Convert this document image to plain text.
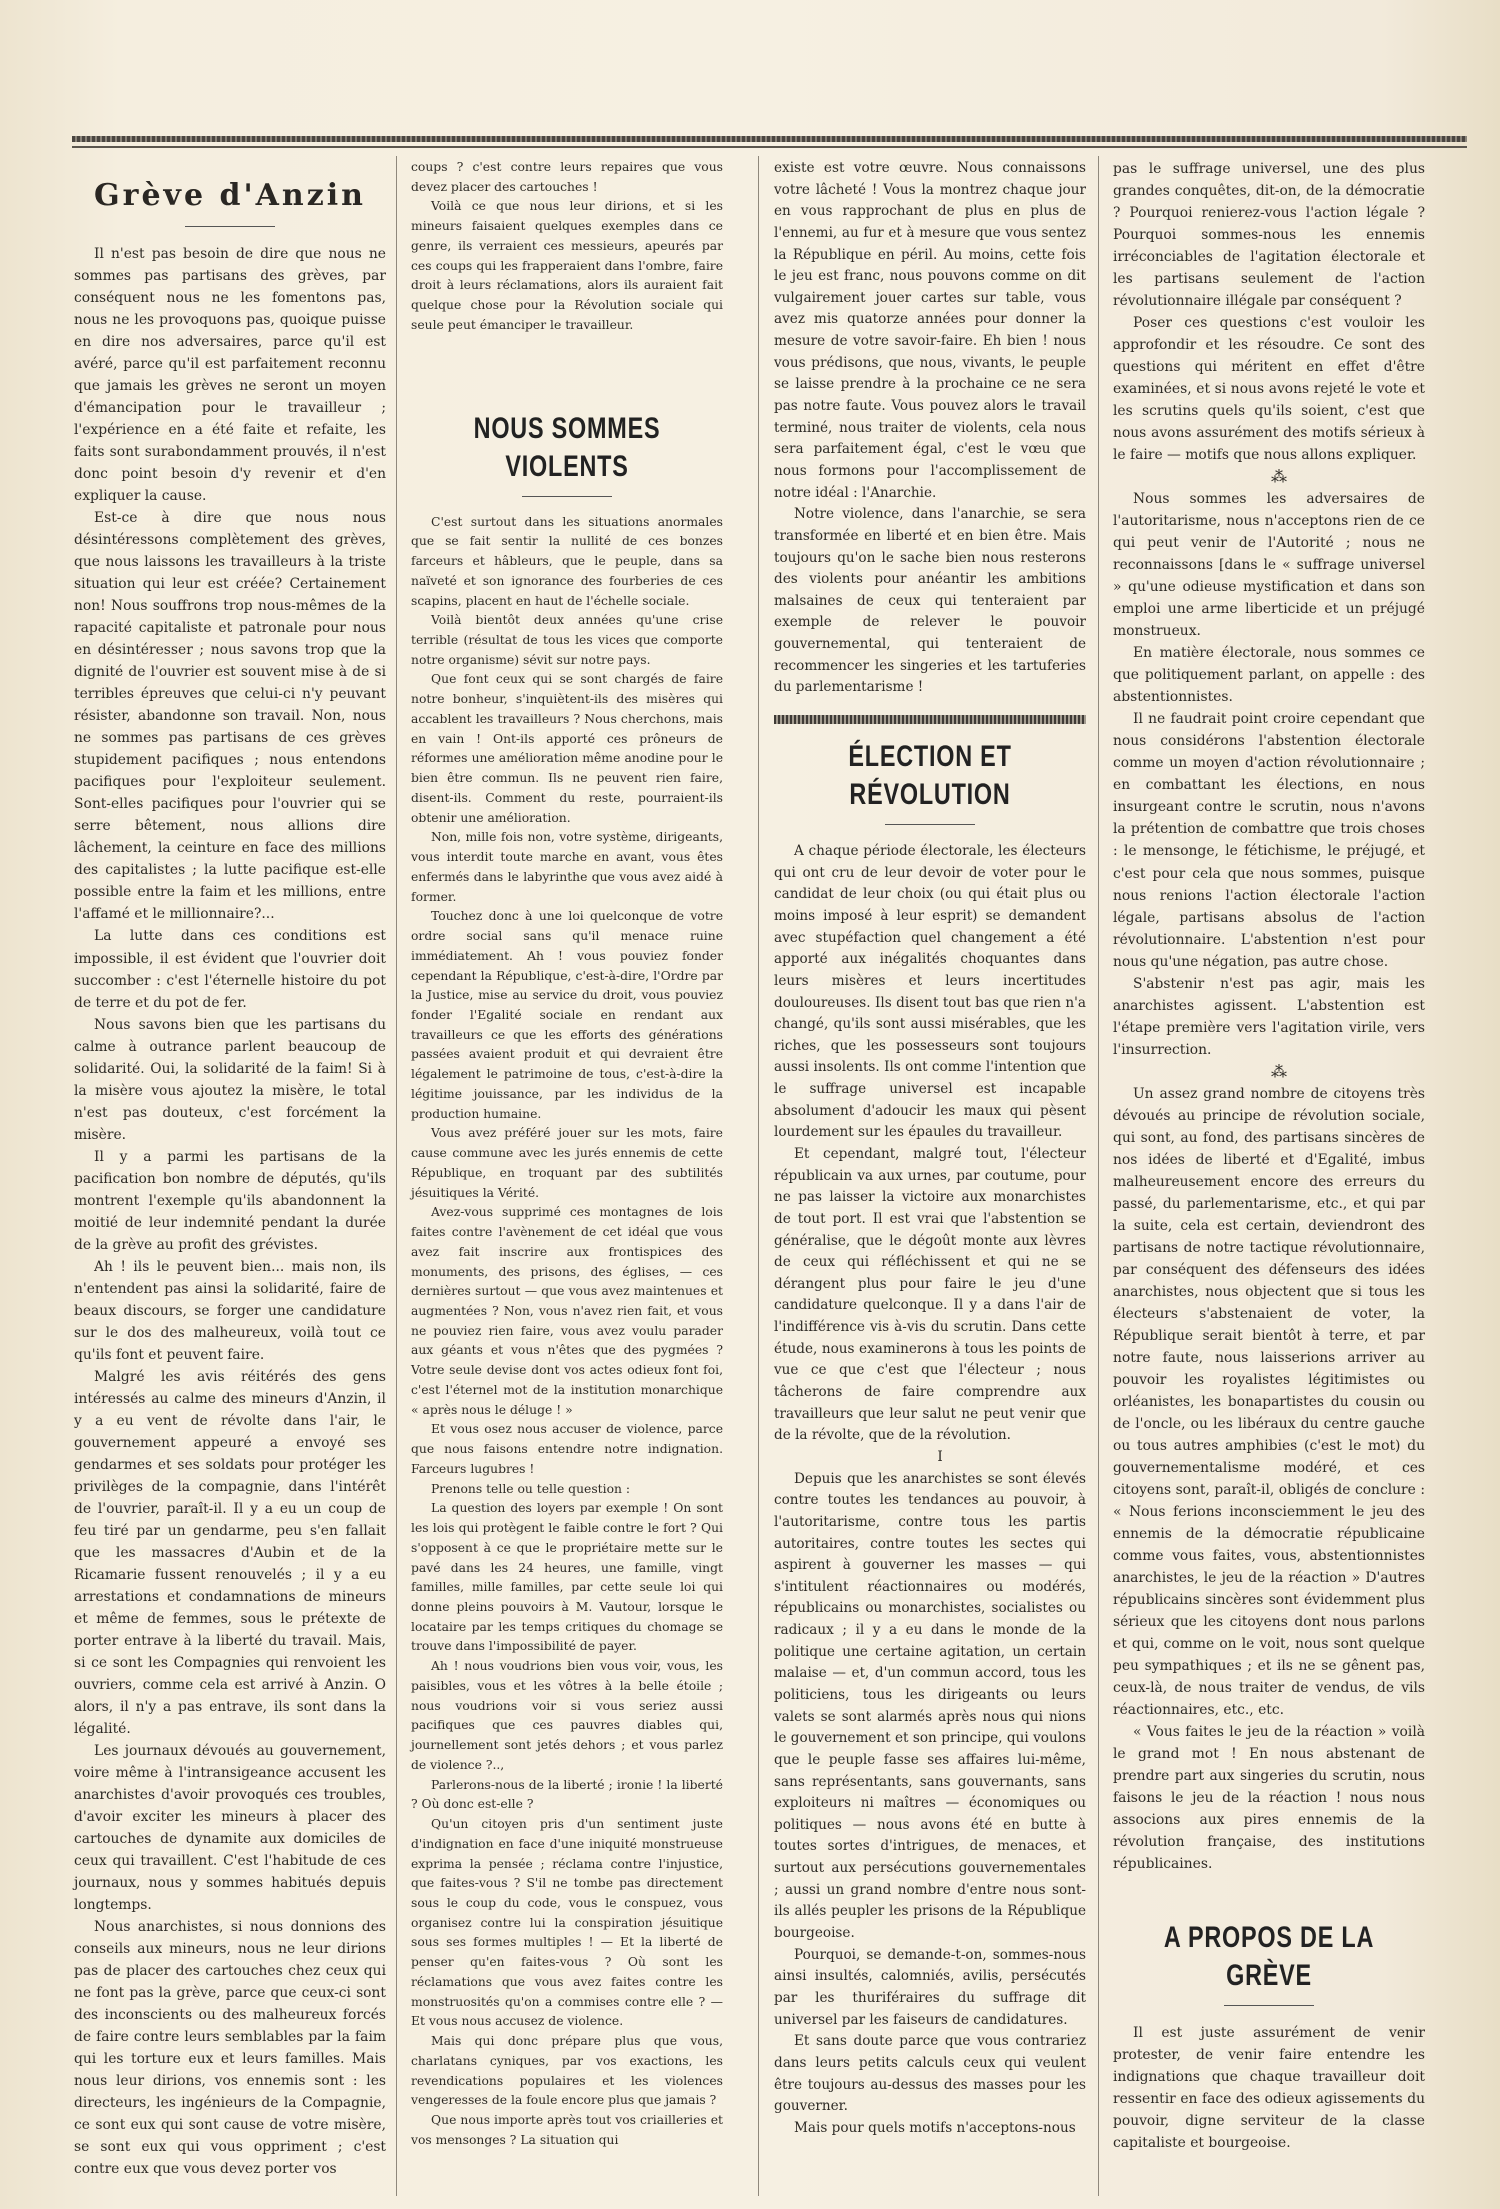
Grève d'Anzin

Il n'est pas besoin de dire que nous ne sommes pas partisans des grèves, par conséquent nous ne les fomentons pas, nous ne les provoquons pas, quoique puisse en dire nos adversaires, parce qu'il est avéré, parce qu'il est parfaitement reconnu que jamais les grèves ne seront un moyen d'émancipation pour le travailleur ; l'expérience en a été faite et refaite, les faits sont surabondamment prouvés, il n'est donc point besoin d'y revenir et d'en expliquer la cause.

Est-ce à dire que nous nous désintéressons complètement des grèves, que nous laissons les travailleurs à la triste situation qui leur est créée? Certainement non! Nous souffrons trop nous-mêmes de la rapacité capitaliste et patronale pour nous en désintéresser ; nous savons trop que la dignité de l'ouvrier est souvent mise à de si terribles épreuves que celui-ci n'y peuvant résister, abandonne son travail. Non, nous ne sommes pas partisans de ces grèves stupidement pacifiques ; nous entendons pacifiques pour l'exploiteur seulement. Sont-elles pacifiques pour l'ouvrier qui se serre bêtement, nous allions dire lâchement, la ceinture en face des millions des capitalistes ; la lutte pacifique est-elle possible entre la faim et les millions, entre l'affamé et le millionnaire?...

La lutte dans ces conditions est impossible, il est évident que l'ouvrier doit succomber : c'est l'éternelle histoire du pot de terre et du pot de fer.

Nous savons bien que les partisans du calme à outrance parlent beaucoup de solidarité. Oui, la solidarité de la faim! Si à la misère vous ajoutez la misère, le total n'est pas douteux, c'est forcément la misère.

Il y a parmi les partisans de la pacification bon nombre de députés, qu'ils montrent l'exemple qu'ils abandonnent la moitié de leur indemnité pendant la durée de la grève au profit des grévistes.

Ah ! ils le peuvent bien... mais non, ils n'entendent pas ainsi la solidarité, faire de beaux discours, se forger une candidature sur le dos des malheureux, voilà tout ce qu'ils font et peuvent faire.

Malgré les avis réitérés des gens intéressés au calme des mineurs d'Anzin, il y a eu vent de révolte dans l'air, le gouvernement appeuré a envoyé ses gendarmes et ses soldats pour protéger les privilèges de la compagnie, dans l'intérêt de l'ouvrier, paraît-il. Il y a eu un coup de feu tiré par un gendarme, peu s'en fallait que les massacres d'Aubin et de la Ricamarie fussent renouvelés ; il y a eu arrestations et condamnations de mineurs et même de femmes, sous le prétexte de porter entrave à la liberté du travail. Mais, si ce sont les Compagnies qui renvoient les ouvriers, comme cela est arrivé à Anzin. O alors, il n'y a pas entrave, ils sont dans la légalité.

Les journaux dévoués au gouvernement, voire même à l'intransigeance accusent les anarchistes d'avoir provoqués ces troubles, d'avoir exciter les mineurs à placer des cartouches de dynamite aux domiciles de ceux qui travaillent. C'est l'habitude de ces journaux, nous y sommes habitués depuis longtemps.

Nous anarchistes, si nous donnions des conseils aux mineurs, nous ne leur dirions pas de placer des cartouches chez ceux qui ne font pas la grève, parce que ceux-ci sont des inconscients ou des malheureux forcés de faire contre leurs semblables par la faim qui les torture eux et leurs familles. Mais nous leur dirions, vos ennemis sont : les directeurs, les ingénieurs de la Compagnie, ce sont eux qui sont cause de votre misère, se sont eux qui vous oppriment ; c'est contre eux que vous devez porter vos

coups ? c'est contre leurs repaires que vous devez placer des cartouches !

Voilà ce que nous leur dirions, et si les mineurs faisaient quelques exemples dans ce genre, ils verraient ces messieurs, apeurés par ces coups qui les frapperaient dans l'ombre, faire droit à leurs réclamations, alors ils auraient fait quelque chose pour la Révolution sociale qui seule peut émanciper le travailleur.

NOUS SOMMES VIOLENTS

C'est surtout dans les situations anormales que se fait sentir la nullité de ces bonzes farceurs et hâbleurs, que le peuple, dans sa naïveté et son ignorance des fourberies de ces scapins, placent en haut de l'échelle sociale.

Voilà bientôt deux années qu'une crise terrible (résultat de tous les vices que comporte notre organisme) sévit sur notre pays.

Que font ceux qui se sont chargés de faire notre bonheur, s'inquiètent-ils des misères qui accablent les travailleurs ? Nous cherchons, mais en vain ! Ont-ils apporté ces prôneurs de réformes une amélioration même anodine pour le bien être commun. Ils ne peuvent rien faire, disent-ils. Comment du reste, pourraient-ils obtenir une amélioration.

Non, mille fois non, votre système, dirigeants, vous interdit toute marche en avant, vous êtes enfermés dans le labyrinthe que vous avez aidé à former.

Touchez donc à une loi quelconque de votre ordre social sans qu'il menace ruine immédiatement. Ah ! vous pouviez fonder cependant la République, c'est-à-dire, l'Ordre par la Justice, mise au service du droit, vous pouviez fonder l'Egalité sociale en rendant aux travailleurs ce que les efforts des générations passées avaient produit et qui devraient être légalement le patrimoine de tous, c'est-à-dire la légitime jouissance, par les individus de la production humaine.

Vous avez préféré jouer sur les mots, faire cause commune avec les jurés ennemis de cette République, en troquant par des subtilités jésuitiques la Vérité.

Avez-vous supprimé ces montagnes de lois faites contre l'avènement de cet idéal que vous avez fait inscrire aux frontispices des monuments, des prisons, des églises, — ces dernières surtout — que vous avez maintenues et augmentées ? Non, vous n'avez rien fait, et vous ne pouviez rien faire, vous avez voulu parader aux géants et vous n'êtes que des pygmées ? Votre seule devise dont vos actes odieux font foi, c'est l'éternel mot de la institution monarchique « après nous le déluge ! »

Et vous osez nous accuser de violence, parce que nous faisons entendre notre indignation. Farceurs lugubres !

Prenons telle ou telle question :

La question des loyers par exemple ! On sont les lois qui protègent le faible contre le fort ? Qui s'opposent à ce que le propriétaire mette sur le pavé dans les 24 heures, une famille, vingt familles, mille familles, par cette seule loi qui donne pleins pouvoirs à M. Vautour, lorsque le locataire par les temps critiques du chomage se trouve dans l'impossibilité de payer.

Ah ! nous voudrions bien vous voir, vous, les paisibles, vous et les vôtres à la belle étoile ; nous voudrions voir si vous seriez aussi pacifiques que ces pauvres diables qui, journellement sont jetés dehors ; et vous parlez de violence ?..,

Parlerons-nous de la liberté ; ironie ! la liberté ? Où donc est-elle ?

Qu'un citoyen pris d'un sentiment juste d'indignation en face d'une iniquité monstrueuse exprima la pensée ; réclama contre l'injustice, que faites-vous ? S'il ne tombe pas directement sous le coup du code, vous le conspuez, vous organisez contre lui la conspiration jésuitique sous ses formes multiples ! — Et la liberté de penser qu'en faites-vous ? Où sont les réclamations que vous avez faites contre les monstruosités qu'on a commises contre elle ? — Et vous nous accusez de violence.

Mais qui donc prépare plus que vous, charlatans cyniques, par vos exactions, les revendications populaires et les violences vengeresses de la foule encore plus que jamais ?

Que nous importe après tout vos criailleries et vos mensonges ? La situation qui

existe est votre œuvre. Nous connaissons votre lâcheté ! Vous la montrez chaque jour en vous rapprochant de plus en plus de l'ennemi, au fur et à mesure que vous sentez la République en péril. Au moins, cette fois le jeu est franc, nous pouvons comme on dit vulgairement jouer cartes sur table, vous avez mis quatorze années pour donner la mesure de votre savoir-faire. Eh bien ! nous vous prédisons, que nous, vivants, le peuple se laisse prendre à la prochaine ce ne sera pas notre faute. Vous pouvez alors le travail terminé, nous traiter de violents, cela nous sera parfaitement égal, c'est le vœu que nous formons pour l'accomplissement de notre idéal : l'Anarchie.

Notre violence, dans l'anarchie, se sera transformée en liberté et en bien être. Mais toujours qu'on le sache bien nous resterons des violents pour anéantir les ambitions malsaines de ceux qui tenteraient par exemple de relever le pouvoir gouvernemental, qui tenteraient de recommencer les singeries et les tartuferies du parlementarisme !

ÉLECTION ET RÉVOLUTION

A chaque période électorale, les électeurs qui ont cru de leur devoir de voter pour le candidat de leur choix (ou qui était plus ou moins imposé à leur esprit) se demandent avec stupéfaction quel changement a été apporté aux inégalités choquantes dans leurs misères et leurs incertitudes douloureuses. Ils disent tout bas que rien n'a changé, qu'ils sont aussi misérables, que les riches, que les possesseurs sont toujours aussi insolents. Ils ont comme l'intention que le suffrage universel est incapable absolument d'adoucir les maux qui pèsent lourdement sur les épaules du travailleur.

Et cependant, malgré tout, l'électeur républicain va aux urnes, par coutume, pour ne pas laisser la victoire aux monarchistes de tout port. Il est vrai que l'abstention se généralise, que le dégoût monte aux lèvres de ceux qui réfléchissent et qui ne se dérangent plus pour faire le jeu d'une candidature quelconque. Il y a dans l'air de l'indifférence vis à-vis du scrutin. Dans cette étude, nous examinerons à tous les points de vue ce que c'est que l'électeur ; nous tâcherons de faire comprendre aux travailleurs que leur salut ne peut venir que de la révolte, que de la révolution.

I

Depuis que les anarchistes se sont élevés contre toutes les tendances au pouvoir, à l'autoritarisme, contre tous les partis autoritaires, contre toutes les sectes qui aspirent à gouverner les masses — qui s'intitulent réactionnaires ou modérés, républicains ou monarchistes, socialistes ou radicaux ; il y a eu dans le monde de la politique une certaine agitation, un certain malaise — et, d'un commun accord, tous les politiciens, tous les dirigeants ou leurs valets se sont alarmés après nous qui nions le gouvernement et son principe, qui voulons que le peuple fasse ses affaires lui-même, sans représentants, sans gouvernants, sans exploiteurs ni maîtres — économiques ou politiques — nous avons été en butte à toutes sortes d'intrigues, de menaces, et surtout aux persécutions gouvernementales ; aussi un grand nombre d'entre nous sont-ils allés peupler les prisons de la République bourgeoise.

Pourquoi, se demande-t-on, sommes-nous ainsi insultés, calomniés, avilis, persécutés par les thuriféraires du suffrage dit universel par les faiseurs de candidatures.

Et sans doute parce que vous contrariez dans leurs petits calculs ceux qui veulent être toujours au-dessus des masses pour les gouverner.

Mais pour quels motifs n'acceptons-nous

pas le suffrage universel, une des plus grandes conquêtes, dit-on, de la démocratie ? Pourquoi renierez-vous l'action légale ? Pourquoi sommes-nous les ennemis irréconciables de l'agitation électorale et les partisans seulement de l'action révolutionnaire illégale par conséquent ?

Poser ces questions c'est vouloir les approfondir et les résoudre. Ce sont des questions qui méritent en effet d'être examinées, et si nous avons rejeté le vote et les scrutins quels qu'ils soient, c'est que nous avons assurément des motifs sérieux à le faire — motifs que nous allons expliquer.

⁂

Nous sommes les adversaires de l'autoritarisme, nous n'acceptons rien de ce qui peut venir de l'Autorité ; nous ne reconnaissons [dans le « suffrage universel » qu'une odieuse mystification et dans son emploi une arme liberticide et un préjugé monstrueux.

En matière électorale, nous sommes ce que politiquement parlant, on appelle : des abstentionnistes.

Il ne faudrait point croire cependant que nous considérons l'abstention électorale comme un moyen d'action révolutionnaire ; en combattant les élections, en nous insurgeant contre le scrutin, nous n'avons la prétention de combattre que trois choses : le mensonge, le fétichisme, le préjugé, et c'est pour cela que nous sommes, puisque nous renions l'action électorale l'action légale, partisans absolus de l'action révolutionnaire. L'abstention n'est pour nous qu'une négation, pas autre chose.

S'abstenir n'est pas agir, mais les anarchistes agissent. L'abstention est l'étape première vers l'agitation virile, vers l'insurrection.

⁂

Un assez grand nombre de citoyens très dévoués au principe de révolution sociale, qui sont, au fond, des partisans sincères de nos idées de liberté et d'Egalité, imbus malheureusement encore des erreurs du passé, du parlementarisme, etc., et qui par la suite, cela est certain, deviendront des partisans de notre tactique révolutionnaire, par conséquent des défenseurs des idées anarchistes, nous objectent que si tous les électeurs s'abstenaient de voter, la République serait bientôt à terre, et par notre faute, nous laisserions arriver au pouvoir les royalistes légitimistes ou orléanistes, les bonapartistes du cousin ou de l'oncle, ou les libéraux du centre gauche ou tous autres amphibies (c'est le mot) du gouvernementalisme modéré, et ces citoyens sont, paraît-il, obligés de conclure : « Nous ferions inconsciemment le jeu des ennemis de la démocratie républicaine comme vous faites, vous, abstentionnistes anarchistes, le jeu de la réaction » D'autres républicains sincères sont évidemment plus sérieux que les citoyens dont nous parlons et qui, comme on le voit, nous sont quelque peu sympathiques ; et ils ne se gênent pas, ceux-là, de nous traiter de vendus, de vils réactionnaires, etc., etc.

« Vous faites le jeu de la réaction » voilà le grand mot ! En nous abstenant de prendre part aux singeries du scrutin, nous faisons le jeu de la réaction ! nous nous associons aux pires ennemis de la révolution française, des institutions républicaines.

A PROPOS DE LA GRÈVE

Il est juste assurément de venir protester, de venir faire entendre les indignations que chaque travailleur doit ressentir en face des odieux agissements du pouvoir, digne serviteur de la classe capitaliste et bourgeoise.
